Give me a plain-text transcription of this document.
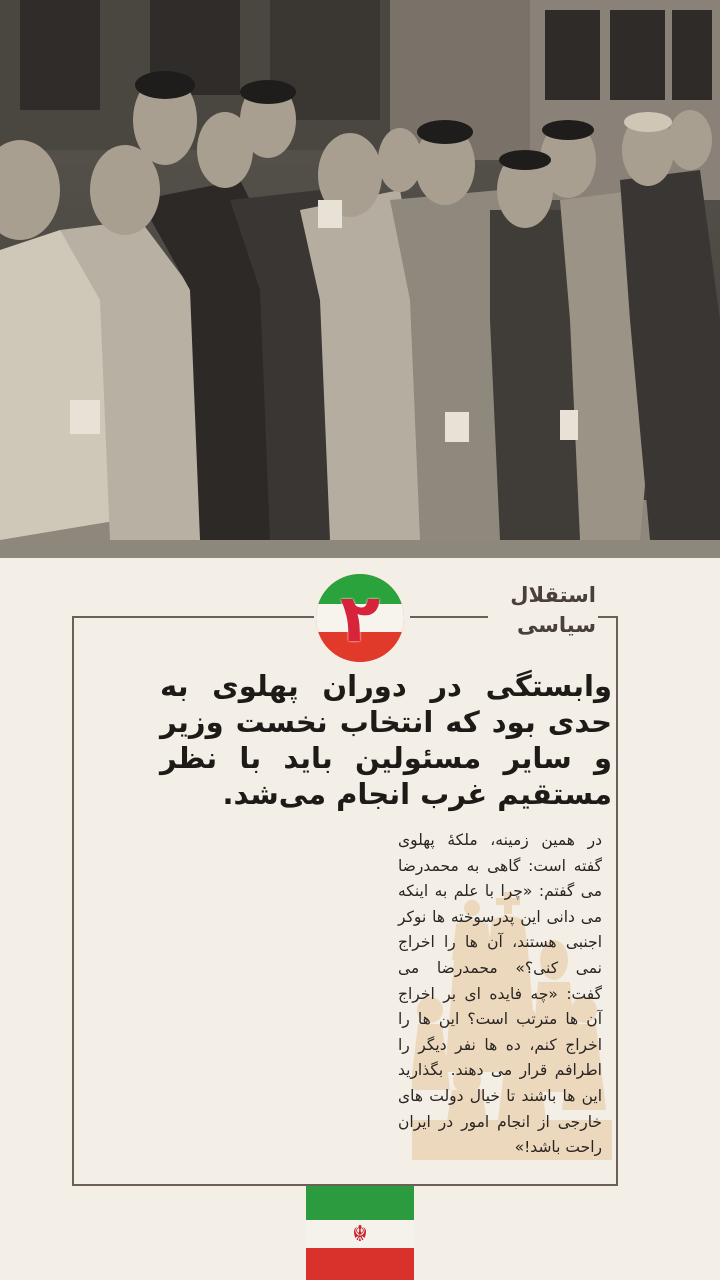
استقلال
سیاسی
۲
وابستگی در دوران پهلوی به حدی بود که انتخاب نخست وزیر و سایر مسئولین باید با نظر مستقیم غرب انجام می‌شد.
در همین زمینه، ملکهٔ پهلوی گفته است: گاهی به محمدرضا می گفتم: «چرا با علم به اینکه می دانی این پدرسوخته ها نوکر اجنبی هستند، آن ها را اخراج نمی کنی؟» محمدرضا می گفت: «چه فایده ای بر اخراج آن ها مترتب است؟ این ها را اخراج کنم، ده ها نفر دیگر را اطرافم قرار می دهند. بگذارید این ها باشند تا خیال دولت های خارجی از انجام امور در ایران راحت باشد!»
☬
